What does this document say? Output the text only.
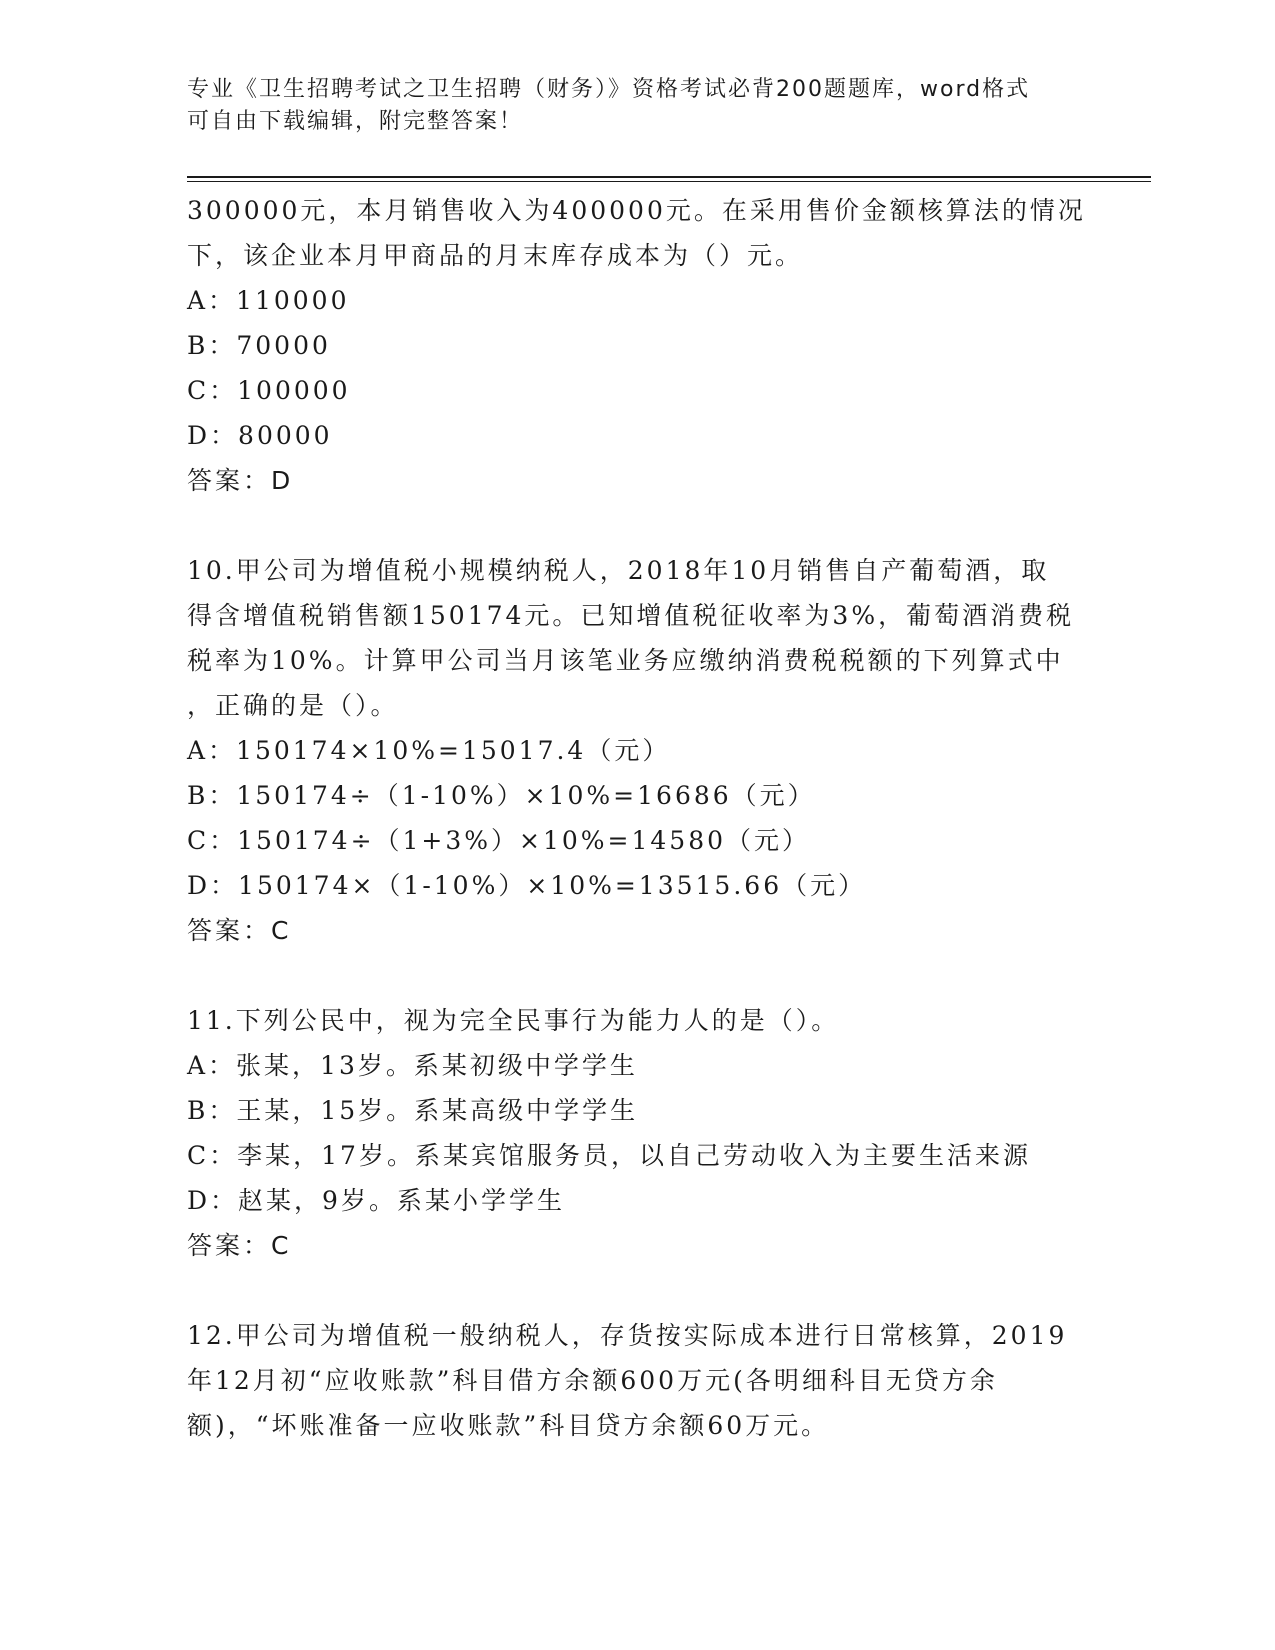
专业《卫生招聘考试之卫生招聘（财务）》资格考试必背200题题库，word格式
可自由下载编辑，附完整答案！
300000元，本月销售收入为400000元。在采用售价金额核算法的情况
下，该企业本月甲商品的月末库存成本为（）元。
A：110000
B：70000
C：100000
D：80000
答案：D
10.甲公司为增值税小规模纳税人，2018年10月销售自产葡萄酒，取
得含增值税销售额150174元。已知增值税征收率为3%，葡萄酒消费税
税率为10%。计算甲公司当月该笔业务应缴纳消费税税额的下列算式中
，正确的是（）。
A：150174×10%=15017.4（元）
B：150174÷（1-10%）×10%=16686（元）
C：150174÷（1+3%）×10%=14580（元）
D：150174×（1-10%）×10%=13515.66（元）
答案：C
11.下列公民中，视为完全民事行为能力人的是（）。
A：张某，13岁。系某初级中学学生
B：王某，15岁。系某高级中学学生
C：李某，17岁。系某宾馆服务员，以自己劳动收入为主要生活来源
D：赵某，9岁。系某小学学生
答案：C
12.甲公司为增值税一般纳税人，存货按实际成本进行日常核算，2019
年12月初“应收账款”科目借方余额600万元(各明细科目无贷方余
额)，“坏账准备一应收账款”科目贷方余额60万元。
